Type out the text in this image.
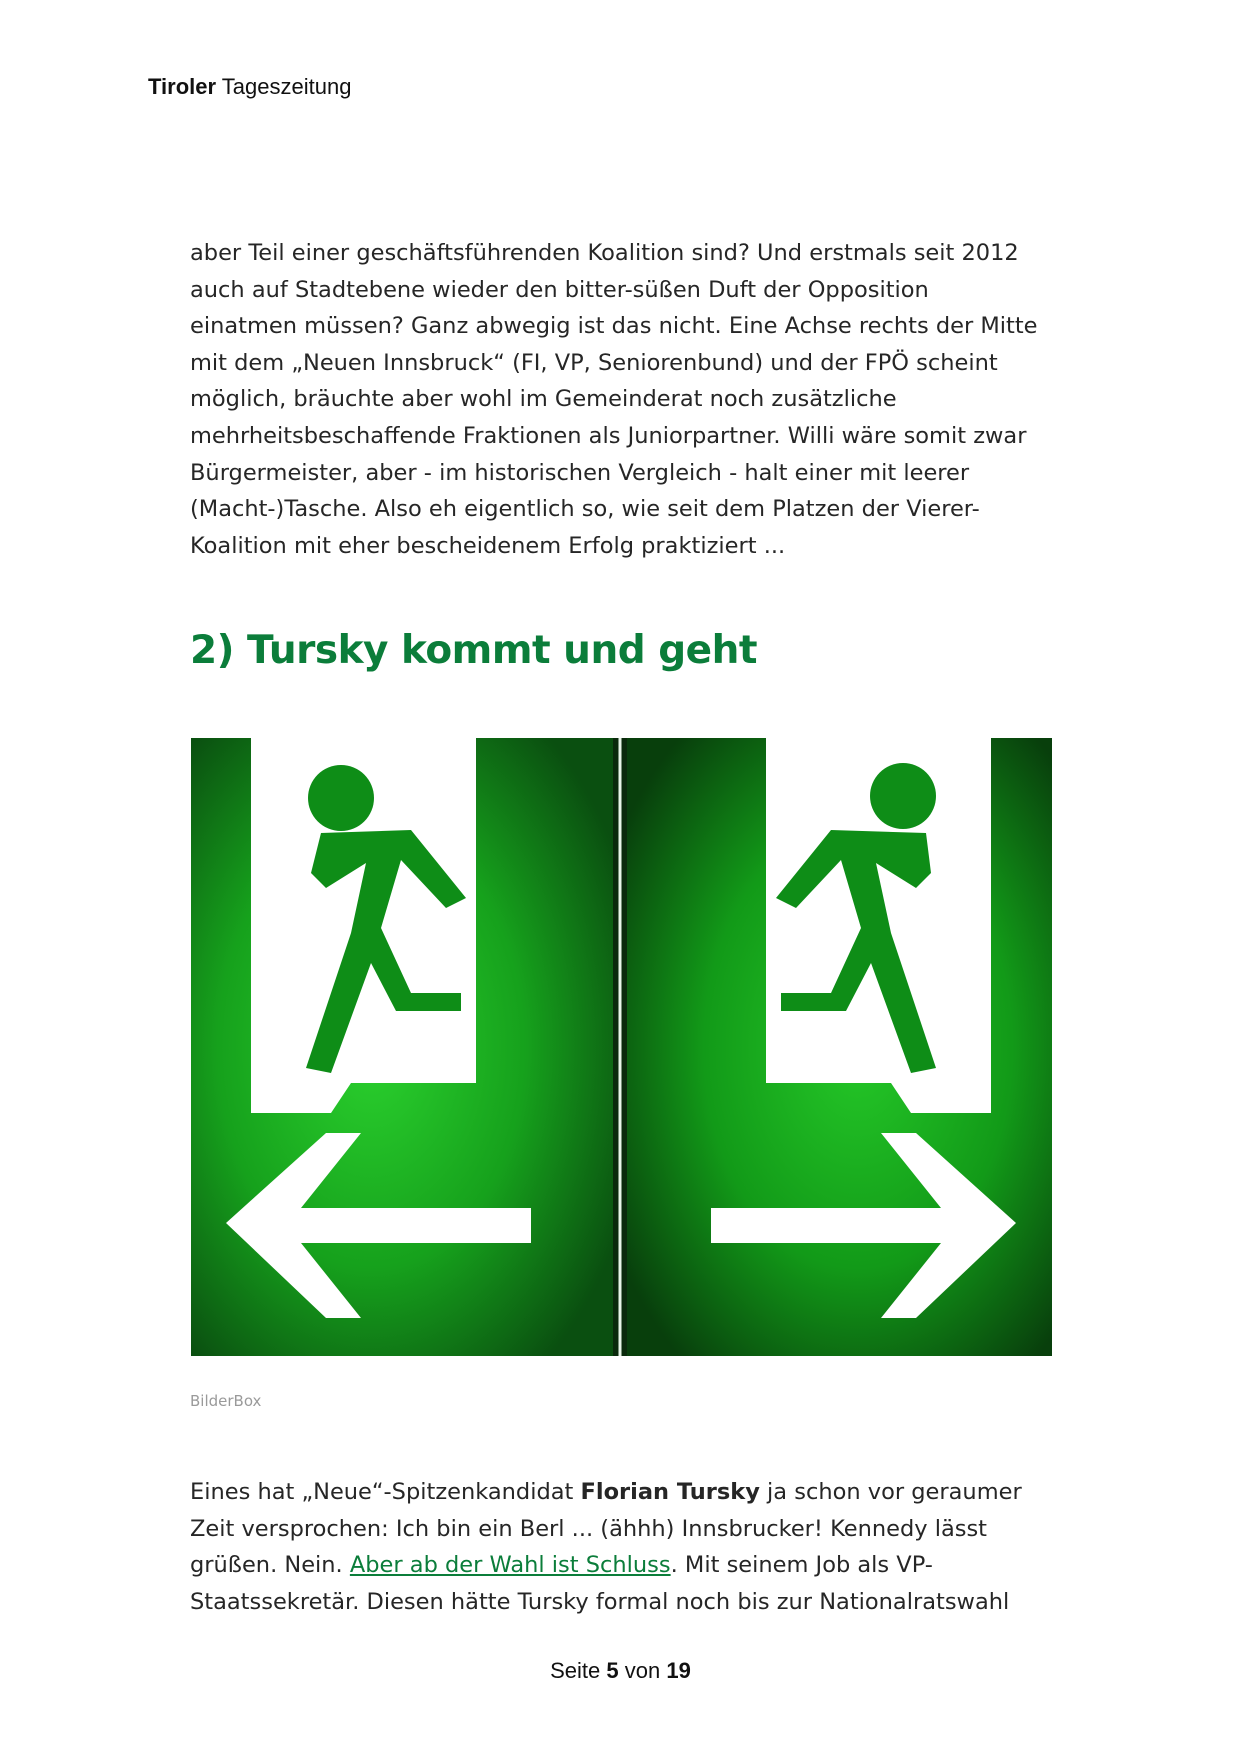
Tiroler Tageszeitung
aber Teil einer geschäftsführenden Koalition sind? Und erstmals seit 2012
auch auf Stadtebene wieder den bitter-süßen Duft der Opposition
einatmen müssen? Ganz abwegig ist das nicht. Eine Achse rechts der Mitte
mit dem „Neuen Innsbruck“ (FI, VP, Seniorenbund) und der FPÖ scheint
möglich, bräuchte aber wohl im Gemeinderat noch zusätzliche
mehrheitsbeschaffende Fraktionen als Juniorpartner. Willi wäre somit zwar
Bürgermeister, aber - im historischen Vergleich - halt einer mit leerer
(Macht-)Tasche. Also eh eigentlich so, wie seit dem Platzen der Vierer-
Koalition mit eher bescheidenem Erfolg praktiziert ...
2) Tursky kommt und geht
BilderBox
Eines hat „Neue“-Spitzenkandidat Florian Tursky ja schon vor geraumer
Zeit versprochen: Ich bin ein Berl ... (ähhh) Innsbrucker! Kennedy lässt
grüßen. Nein. Aber ab der Wahl ist Schluss. Mit seinem Job als VP-
Staatssekretär. Diesen hätte Tursky formal noch bis zur Nationalratswahl
Seite 5 von 19
